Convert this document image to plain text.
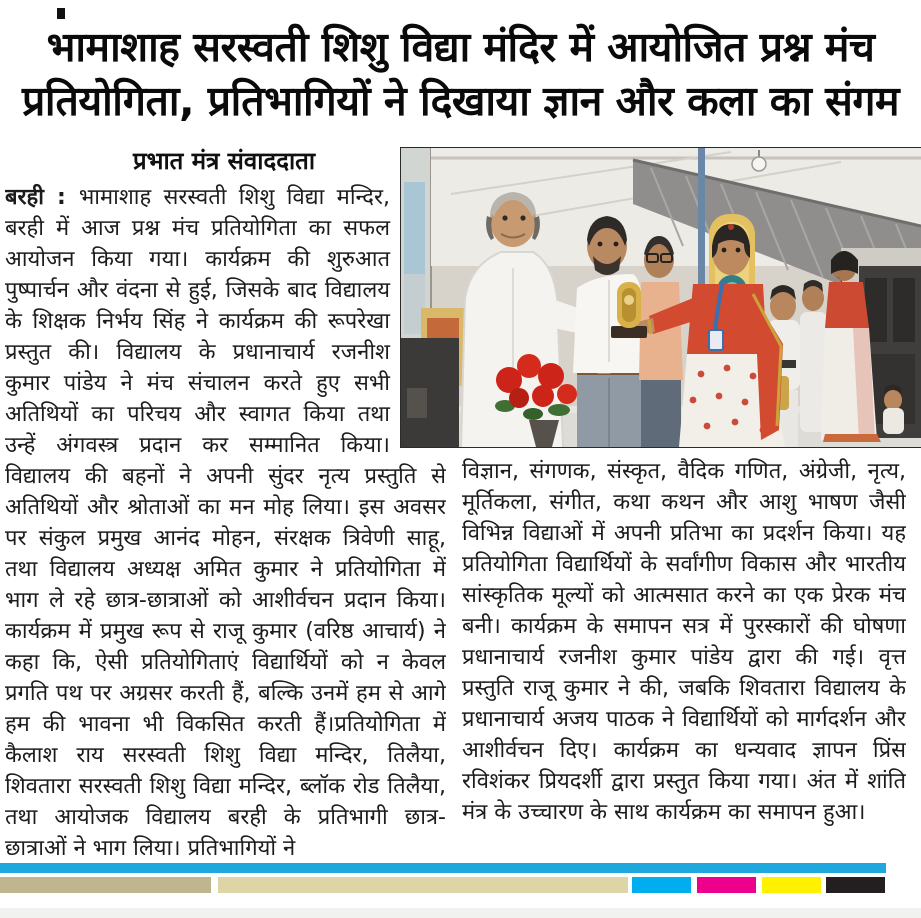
भामाशाह सरस्वती शिशु विद्या मंदिर में आयोजित प्रश्न मंच
प्रतियोगिता, प्रतिभागियों ने दिखाया ज्ञान और कला का संगम
प्रभात मंत्र संवाददाता
बरही : भामाशाह सरस्वती शिशु विद्या मन्दिर, बरही में आज प्रश्न मंच प्रतियोगिता का सफल आयोजन किया गया। कार्यक्रम की शुरुआत पुष्पार्चन और वंदना से हुई, जिसके बाद विद्यालय के शिक्षक निर्भय सिंह ने कार्यक्रम की रूपरेखा प्रस्तुत की। विद्यालय के प्रधानाचार्य रजनीश कुमार पांडेय ने मंच संचालन करते हुए सभी अतिथियों का परिचय और स्वागत किया तथा उन्हें अंगवस्त्र प्रदान कर सम्मानित किया। विद्यालय की बहनों ने अपनी सुंदर नृत्य प्रस्तुति से अतिथियों और श्रोताओं का मन मोह लिया। इस अवसर पर संकुल प्रमुख आनंद मोहन, संरक्षक त्रिवेणी साहू, तथा विद्यालय अध्यक्ष अमित कुमार ने प्रतियोगिता में भाग ले रहे छात्र-छात्राओं को आशीर्वचन प्रदान किया। कार्यक्रम में प्रमुख रूप से राजू कुमार (वरिष्ठ आचार्य) ने कहा कि, ऐसी प्रतियोगिताएं विद्यार्थियों को न केवल प्रगति पथ पर अग्रसर करती हैं, बल्कि उनमें हम से आगे हम की भावना भी विकसित करती हैं।प्रतियोगिता में कैलाश राय सरस्वती शिशु विद्या मन्दिर, तिलैया, शिवतारा सरस्वती शिशु विद्या मन्दिर, ब्लॉक रोड तिलैया, तथा आयोजक विद्यालय बरही के प्रतिभागी छात्र-छात्राओं ने भाग लिया। प्रतिभागियों ने
विज्ञान, संगणक, संस्कृत, वैदिक गणित, अंग्रेजी, नृत्य, मूर्तिकला, संगीत, कथा कथन और आशु भाषण जैसी विभिन्न विद्याओं में अपनी प्रतिभा का प्रदर्शन किया। यह प्रतियोगिता विद्यार्थियों के सर्वांगीण विकास और भारतीय सांस्कृतिक मूल्यों को आत्मसात करने का एक प्रेरक मंच बनी। कार्यक्रम के समापन सत्र में पुरस्कारों की घोषणा प्रधानाचार्य रजनीश कुमार पांडेय द्वारा की गई। वृत्त प्रस्तुति राजू कुमार ने की, जबकि शिवतारा विद्यालय के प्रधानाचार्य अजय पाठक ने विद्यार्थियों को मार्गदर्शन और आशीर्वचन दिए। कार्यक्रम का धन्यवाद ज्ञापन प्रिंस रविशंकर प्रियदर्शी द्वारा प्रस्तुत किया गया। अंत में शांति मंत्र के उच्चारण के साथ कार्यक्रम का समापन हुआ।
